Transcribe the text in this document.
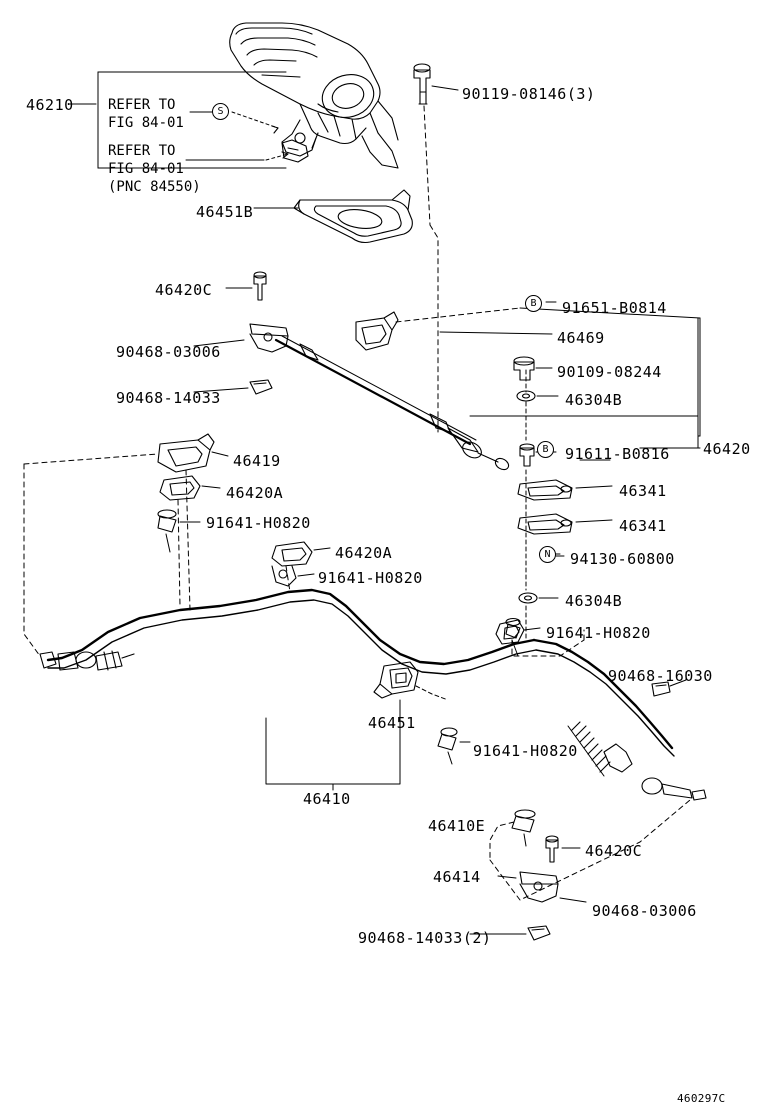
REFER TO
FIG 84-01
REFER TO
FIG 84-01
(PNC 84550)
S
B
B
N
46210
90119-08146(3)
46451B
46420C
91651-B0814
90468-03006
46469
90109-08244
90468-14033	46304B
46420
91611-B0816
46419
46341
46420A
46341
91641-H0820
94130-60800
46420A
91641-H0820
46304B
91641-H0820
90468-16030
46451
91641-H0820
46410
46410E
46420C
46414
90468-03006
90468-14033(2)
460297C
